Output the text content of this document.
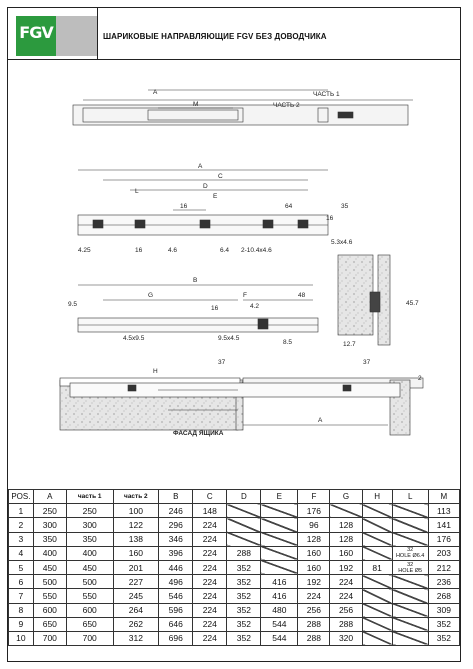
FGV	ШАРИКОВЫЕ НАПРАВЛЯЮЩИЕ FGV БЕЗ ДОВОДЧИКА
A
M	ЧАСТЬ 2
ЧАСТЬ 1
A
C
D
E
L
16	64	35
16
5.3x4.6
4.25	16	4.6	6.4 2-10.4x4.6
B
G	F	48
9.5
16	4.2
4.5x9.5	9.5x4.5
8.5
45.7
12.7
37	37
2
H
A
ФАСАД ЯЩИКА
POS.	A	часть 1	часть 2	B	C	D	E	F	G	H	L	M
1	250	250	100	246	148			176				113
2	300	300	122	296	224			96	128			141
3	350	350	138	346	224			128	128			176
4	400	400	160	396	224	288		160	160		32
HOLE Ø6.4	203
5	450	450	201	446	224	352		160	192	81	32
HOLE Ø5	212
6	500	500	227	496	224	352	416	192	224			236
7	550	550	245	546	224	352	416	224	224			268
8	600	600	264	596	224	352	480	256	256			309
9	650	650	262	646	224	352	544	288	288			352
10	700	700	312	696	224	352	544	288	320			352
